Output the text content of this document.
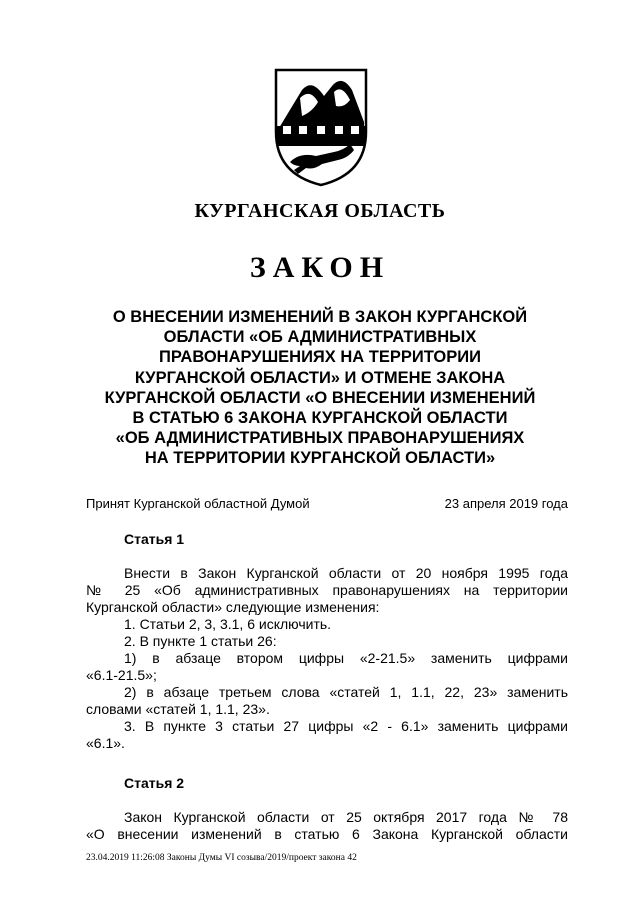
КУРГАНСКАЯ ОБЛАСТЬ
ЗАКОН
О ВНЕСЕНИИ ИЗМЕНЕНИЙ В ЗАКОН КУРГАНСКОЙ
ОБЛАСТИ «ОБ АДМИНИСТРАТИВНЫХ
ПРАВОНАРУШЕНИЯХ НА ТЕРРИТОРИИ
КУРГАНСКОЙ ОБЛАСТИ» И ОТМЕНЕ ЗАКОНА
КУРГАНСКОЙ ОБЛАСТИ «О ВНЕСЕНИИ ИЗМЕНЕНИЙ
В СТАТЬЮ 6 ЗАКОНА КУРГАНСКОЙ ОБЛАСТИ
«ОБ АДМИНИСТРАТИВНЫХ ПРАВОНАРУШЕНИЯХ
НА ТЕРРИТОРИИ КУРГАНСКОЙ ОБЛАСТИ»
Принят Курганской областной Думой	23 апреля 2019 года
Статья 1
Внести в Закон Курганской области от 20 ноября 1995 года
№ 25 «Об административных правонарушениях на территории
Курганской области» следующие изменения:
1. Статьи 2, 3, 3.1, 6 исключить.
2. В пункте 1 статьи 26:
1) в абзаце втором цифры «2-21.5» заменить цифрами
«6.1-21.5»;
2) в абзаце третьем слова «статей 1, 1.1, 22, 23» заменить
словами «статей 1, 1.1, 23».
3. В пункте 3 статьи 27 цифры «2 - 6.1» заменить цифрами
«6.1».
Статья 2
Закон Курганской области от 25 октября 2017 года № 78
«О внесении изменений в статью 6 Закона Курганской области
23.04.2019 11:26:08 Законы Думы VI созыва/2019/проект закона 42
